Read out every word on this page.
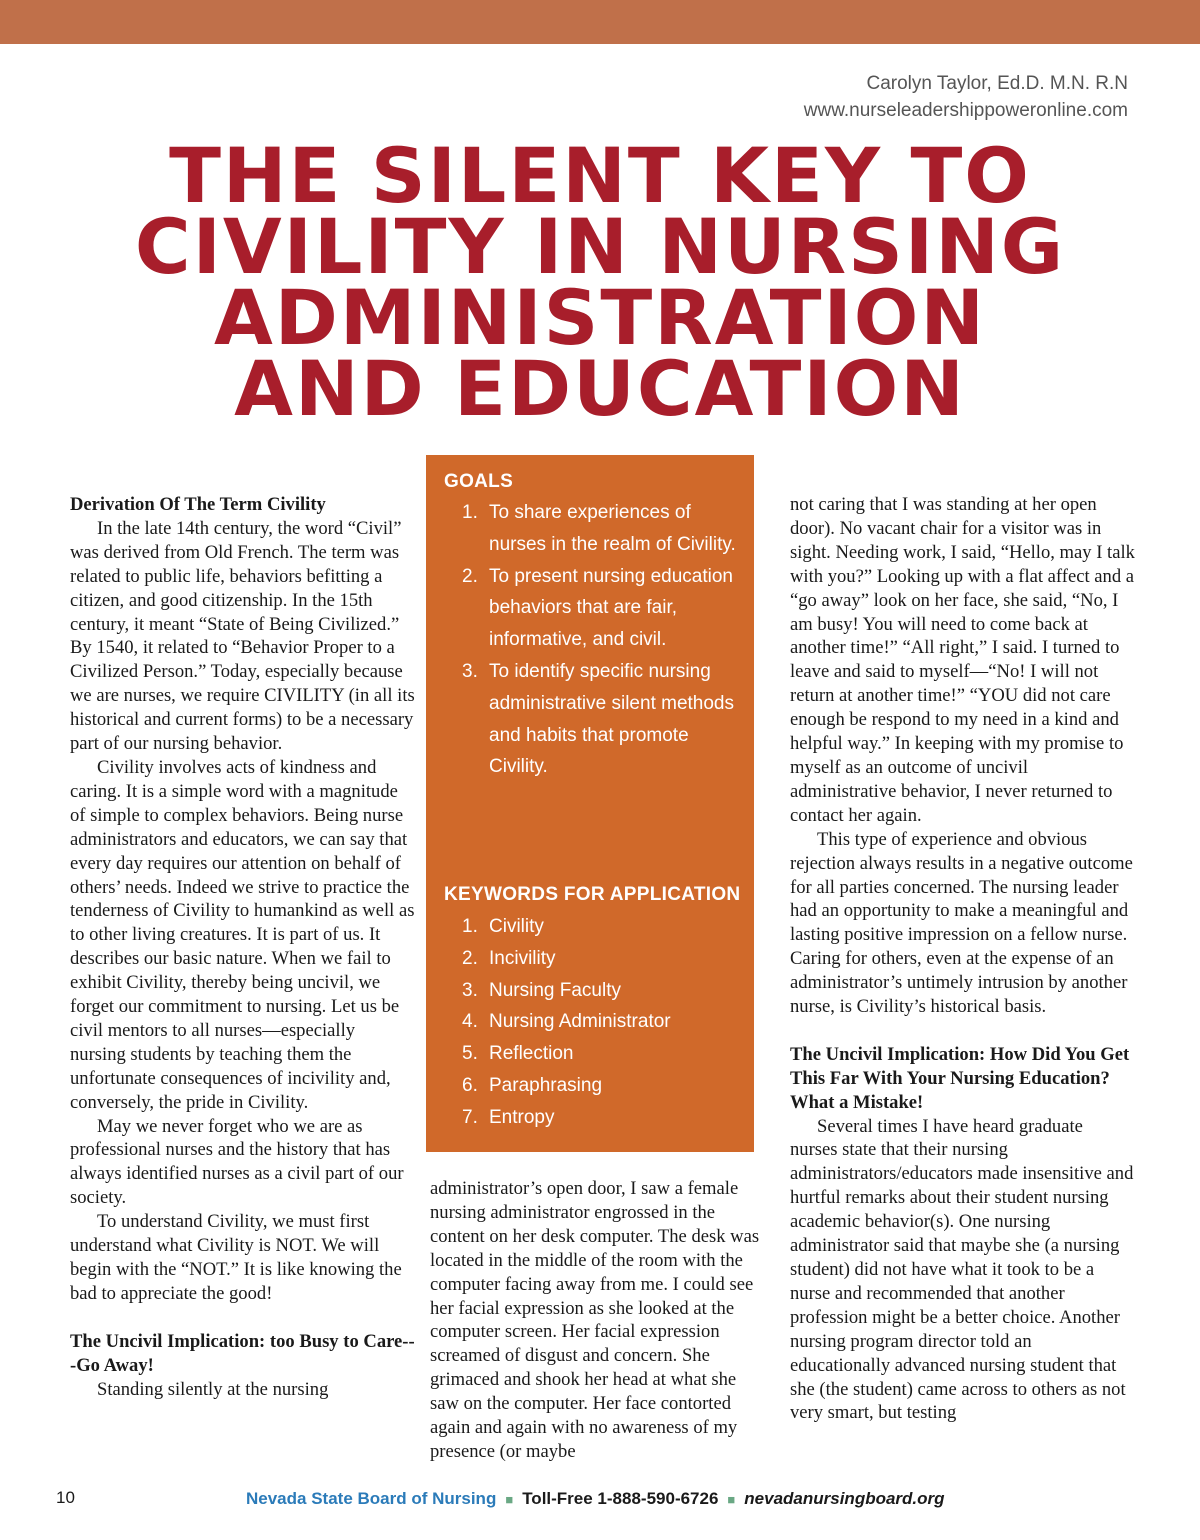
Carolyn Taylor, Ed.D. M.N. R.N
www.nurseleadershippoweronline.com
THE SILENT KEY TO
CIVILITY IN NURSING
ADMINISTRATION
AND EDUCATION
Derivation Of The Term Civility

In the late 14th century, the word “Civil” was derived from Old French. The term was related to public life, behaviors befitting a citizen, and good citizenship. In the 15th century, it meant “State of Being Civilized.” By 1540, it related to “Behavior Proper to a Civilized Person.” Today, especially because we are nurses, we require CIVILITY (in all its historical and current forms) to be a necessary part of our nursing behavior.

Civility involves acts of kindness and caring. It is a simple word with a magnitude of simple to complex behaviors. Being nurse administrators and educators, we can say that every day requires our attention on behalf of others’ needs. Indeed we strive to practice the tenderness of Civility to humankind as well as to other living creatures. It is part of us. It describes our basic nature. When we fail to exhibit Civility, thereby being uncivil, we forget our commitment to nursing. Let us be civil mentors to all nurses—especially nursing students by teaching them the unfortunate consequences of incivility and, conversely, the pride in Civility.

May we never forget who we are as professional nurses and the history that has always identified nurses as a civil part of our society.

To understand Civility, we must first understand what Civility is NOT. We will begin with the “NOT.” It is like knowing the bad to appreciate the good!

The Uncivil Implication: too Busy to Care---Go Away!

Standing silently at the nursing

GOALS
1. To share experiences of nurses in the realm of Civility.
2. To present nursing education behaviors that are fair, informative, and civil.
3. To identify specific nursing administrative silent methods and habits that promote Civility.
KEYWORDS FOR APPLICATION
1. Civility
2. Incivility
3. Nursing Faculty
4. Nursing Administrator
5. Reflection
6. Paraphrasing
7. Entropy

administrator’s open door, I saw a female nursing administrator engrossed in the content on her desk computer. The desk was located in the middle of the room with the computer facing away from me. I could see her facial expression as she looked at the computer screen. Her facial expression screamed of disgust and concern. She grimaced and shook her head at what she saw on the computer. Her face contorted again and again with no awareness of my presence (or maybe

not caring that I was standing at her open door). No vacant chair for a visitor was in sight. Needing work, I said, “Hello, may I talk with you?” Looking up with a flat affect and a “go away” look on her face, she said, “No, I am busy! You will need to come back at another time!” “All right,” I said. I turned to leave and said to myself—“No! I will not return at another time!” “YOU did not care enough be respond to my need in a kind and helpful way.” In keeping with my promise to myself as an outcome of uncivil administrative behavior, I never returned to contact her again.

This type of experience and obvious rejection always results in a negative outcome for all parties concerned. The nursing leader had an opportunity to make a meaningful and lasting positive impression on a fellow nurse. Caring for others, even at the expense of an administrator’s untimely intrusion by another nurse, is Civility’s historical basis.

The Uncivil Implication: How Did You Get This Far With Your Nursing Education? What a Mistake!

Several times I have heard graduate nurses state that their nursing administrators/educators made insensitive and hurtful remarks about their student nursing academic behavior(s). One nursing administrator said that maybe she (a nursing student) did not have what it took to be a nurse and recommended that another profession might be a better choice. Another nursing program director told an educationally advanced nursing student that she (the student) came across to others as not very smart, but testing

10	Nevada State Board of Nursing ■ Toll-Free 1-888-590-6726 ■ nevadanursingboard.org
